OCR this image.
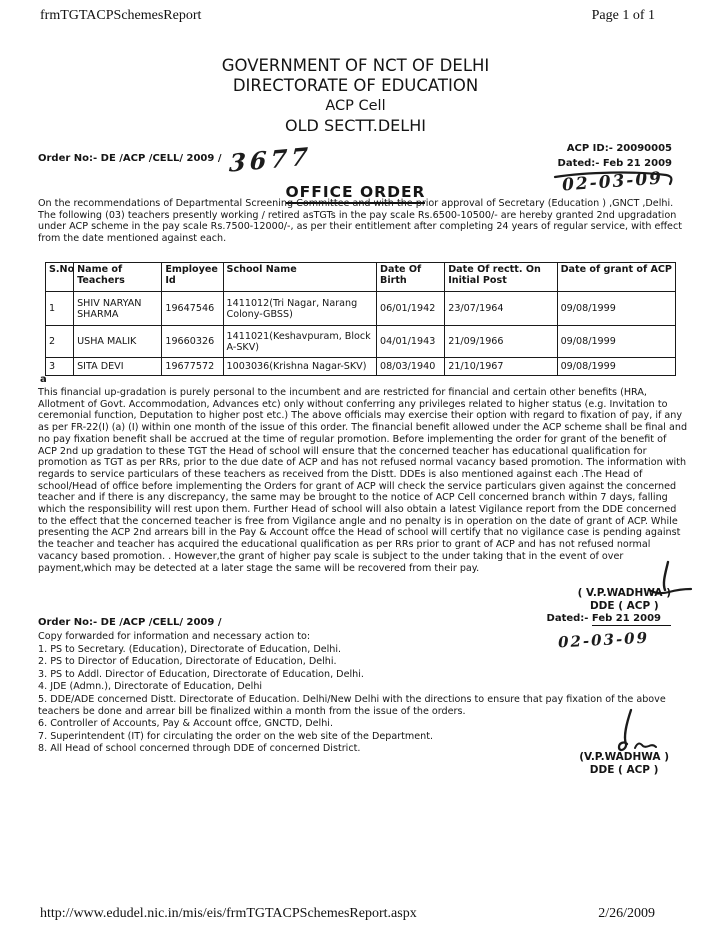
frmTGTACPSchemesReport	Page 1 of 1
GOVERNMENT OF NCT OF DELHI
DIRECTORATE OF EDUCATION
ACP Cell
OLD SECTT.DELHI
Order No:- DE /ACP /CELL/ 2009 / 3677	ACP ID:- 20090005
Dated:- Feb 21 2009
02-03-09
OFFICE ORDER
On the recommendations of Departmental Screening Committee and with the prior approval of Secretary (Education ) ,GNCT ,Delhi. The following (03) teachers presently working / retired asTGTs in the pay scale Rs.6500-10500/- are hereby granted 2nd upgradation under ACP scheme in the pay scale Rs.7500-12000/-, as per their entitlement after completing 24 years of regular service, with effect from the date mentioned against each.
S.No	Name of Teachers	Employee Id	School Name	Date Of Birth	Date Of rectt. On Initial Post	Date of grant of ACP
1	SHIV NARYAN SHARMA	19647546	1411012(Tri Nagar, Narang Colony-GBSS)	06/01/1942	23/07/1964	09/08/1999
2	USHA MALIK	19660326	1411021(Keshavpuram, Block A-SKV)	04/01/1943	21/09/1966	09/08/1999
3	SITA DEVI	19677572	1003036(Krishna Nagar-SKV)	08/03/1940	21/10/1967	09/08/1999
a
This financial up-gradation is purely personal to the incumbent and are restricted for financial and certain other benefits (HRA, Allotment of Govt. Accommodation, Advances etc) only without conferring any privileges related to higher status (e.g. Invitation to ceremonial function, Deputation to higher post etc.) The above officials may exercise their option with regard to fixation of pay, if any as per FR-22(I) (a) (I) within one month of the issue of this order. The financial benefit allowed under the ACP scheme shall be final and no pay fixation benefit shall be accrued at the time of regular promotion. Before implementing the order for grant of the benefit of ACP 2nd up gradation to these TGT the Head of school will ensure that the concerned teacher has educational qualification for promotion as TGT as per RRs, prior to the due date of ACP and has not refused normal vacancy based promotion. The information with regards to service particulars of these teachers as received from the Distt. DDEs is also mentioned against each .The Head of school/Head of office before implementing the Orders for grant of ACP will check the service particulars given against the concerned teacher and if there is any discrepancy, the same may be brought to the notice of ACP Cell concerned branch within 7 days, falling which the responsibility will rest upon them. Further Head of school will also obtain a latest Vigilance report from the DDE concerned to the effect that the concerned teacher is free from Vigilance angle and no penalty is in operation on the date of grant of ACP. While presenting the ACP 2nd arrears bill in the Pay & Account offce the Head of school will certify that no vigilance case is pending against the teacher and teacher has acquired the educational qualification as per RRs prior to grant of ACP and has not refused normal vacancy based promotion. . However,the grant of higher pay scale is subject to the under taking that in the event of over payment,which may be detected at a later stage the same will be recovered from their pay.
( V.P.WADHWA )
DDE ( ACP )
Order No:- DE /ACP /CELL/ 2009 /	Dated:- Feb 21 2009
02-03-09
Copy forwarded for information and necessary action to:
1. PS to Secretary. (Education), Directorate of Education, Delhi.
2. PS to Director of Education, Directorate of Education, Delhi.
3. PS to Addl. Director of Education, Directorate of Education, Delhi.
4. JDE (Admn.), Directorate of Education, Delhi
5. DDE/ADE concerned Distt. Directorate of Education. Delhi/New Delhi with the directions to ensure that pay fixation of the above teachers be done and arrear bill be finalized within a month from the issue of the orders.
6. Controller of Accounts, Pay & Account offce, GNCTD, Delhi.
7. Superintendent (IT) for circulating the order on the web site of the Department.
8. All Head of school concerned through DDE of concerned District.
(V.P.WADHWA )
DDE ( ACP )
http://www.edudel.nic.in/mis/eis/frmTGTACPSchemesReport.aspx	2/26/2009
